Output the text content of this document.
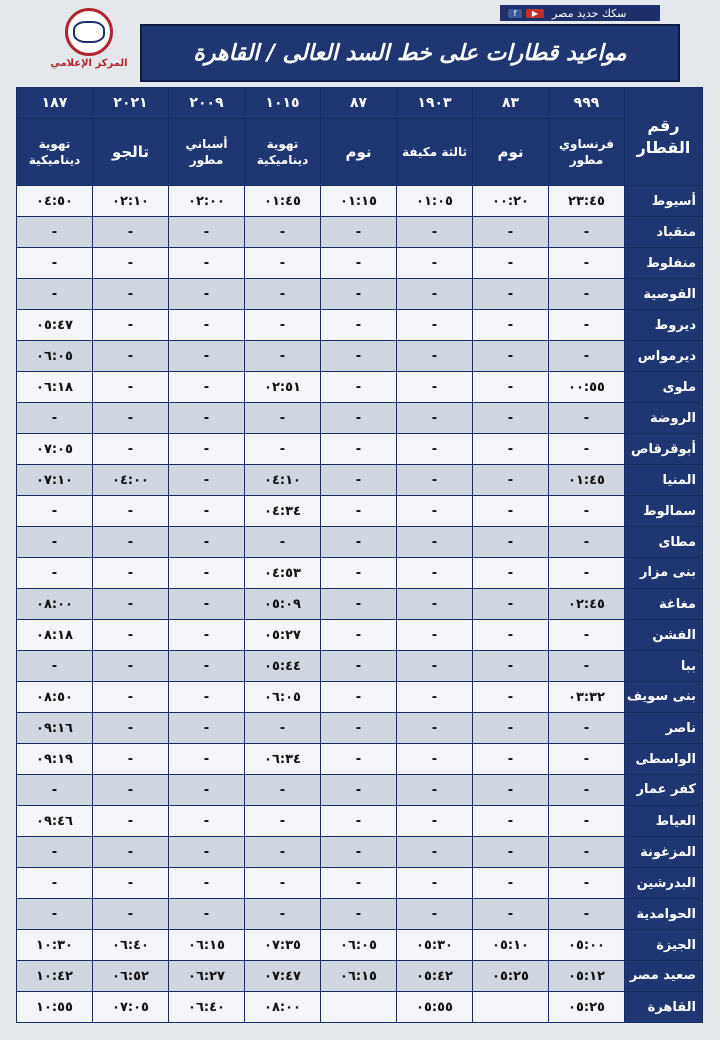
f	▶	سكك حديد مصر
المركز الإعلامي	مواعيد قطارات على خط السد العالى / القاهرة
رقم القطار	٩٩٩	٨٣	١٩٠٣	٨٧	١٠١٥	٢٠٠٩	٢٠٢١	١٨٧
	فرنساوي مطور	نوم	ثالثة مكيفة	نوم	تهوية ديناميكية	أسباني مطور	تالجو	تهوية ديناميكية
أسيوط	٢٣:٤٥	٠٠:٢٠	٠١:٠٥	٠١:١٥	٠١:٤٥	٠٢:٠٠	٠٢:١٠	٠٤:٥٠
منقباد	-	-	-	-	-	-	-	-
منفلوط	-	-	-	-	-	-	-	-
القوصية	-	-	-	-	-	-	-	-
ديروط	-	-	-	-	-	-	-	٠٥:٤٧
ديرمواس	-	-	-	-	-	-	-	٠٦:٠٥
ملوى	٠٠:٥٥	-	-	-	٠٢:٥١	-	-	٠٦:١٨
الروضة	-	-	-	-	-	-	-	-
أبوقرقاص	-	-	-	-	-	-	-	٠٧:٠٥
المنيا	٠١:٤٥	-	-	-	٠٤:١٠	-	٠٤:٠٠	٠٧:١٠
سمالوط	-	-	-	-	٠٤:٣٤	-	-	-
مطاى	-	-	-	-	-	-	-	-
بنى مزار	-	-	-	-	٠٤:٥٣	-	-	-
مغاغة	٠٢:٤٥	-	-	-	٠٥:٠٩	-	-	٠٨:٠٠
الفشن	-	-	-	-	٠٥:٢٧	-	-	٠٨:١٨
ببا	-	-	-	-	٠٥:٤٤	-	-	-
بنى سويف	٠٣:٣٢	-	-	-	٠٦:٠٥	-	-	٠٨:٥٠
ناصر	-	-	-	-	-	-	-	٠٩:١٦
الواسطى	-	-	-	-	٠٦:٣٤	-	-	٠٩:١٩
كفر عمار	-	-	-	-	-	-	-	-
العياط	-	-	-	-	-	-	-	٠٩:٤٦
المزغونة	-	-	-	-	-	-	-	-
البدرشين	-	-	-	-	-	-	-	-
الحوامدية	-	-	-	-	-	-	-	-
الجيزة	٠٥:٠٠	٠٥:١٠	٠٥:٣٠	٠٦:٠٥	٠٧:٣٥	٠٦:١٥	٠٦:٤٠	١٠:٣٠
صعيد مصر	٠٥:١٢	٠٥:٢٥	٠٥:٤٢	٠٦:١٥	٠٧:٤٧	٠٦:٢٧	٠٦:٥٢	١٠:٤٢
القاهرة	٠٥:٢٥		٠٥:٥٥		٠٨:٠٠	٠٦:٤٠	٠٧:٠٥	١٠:٥٥
